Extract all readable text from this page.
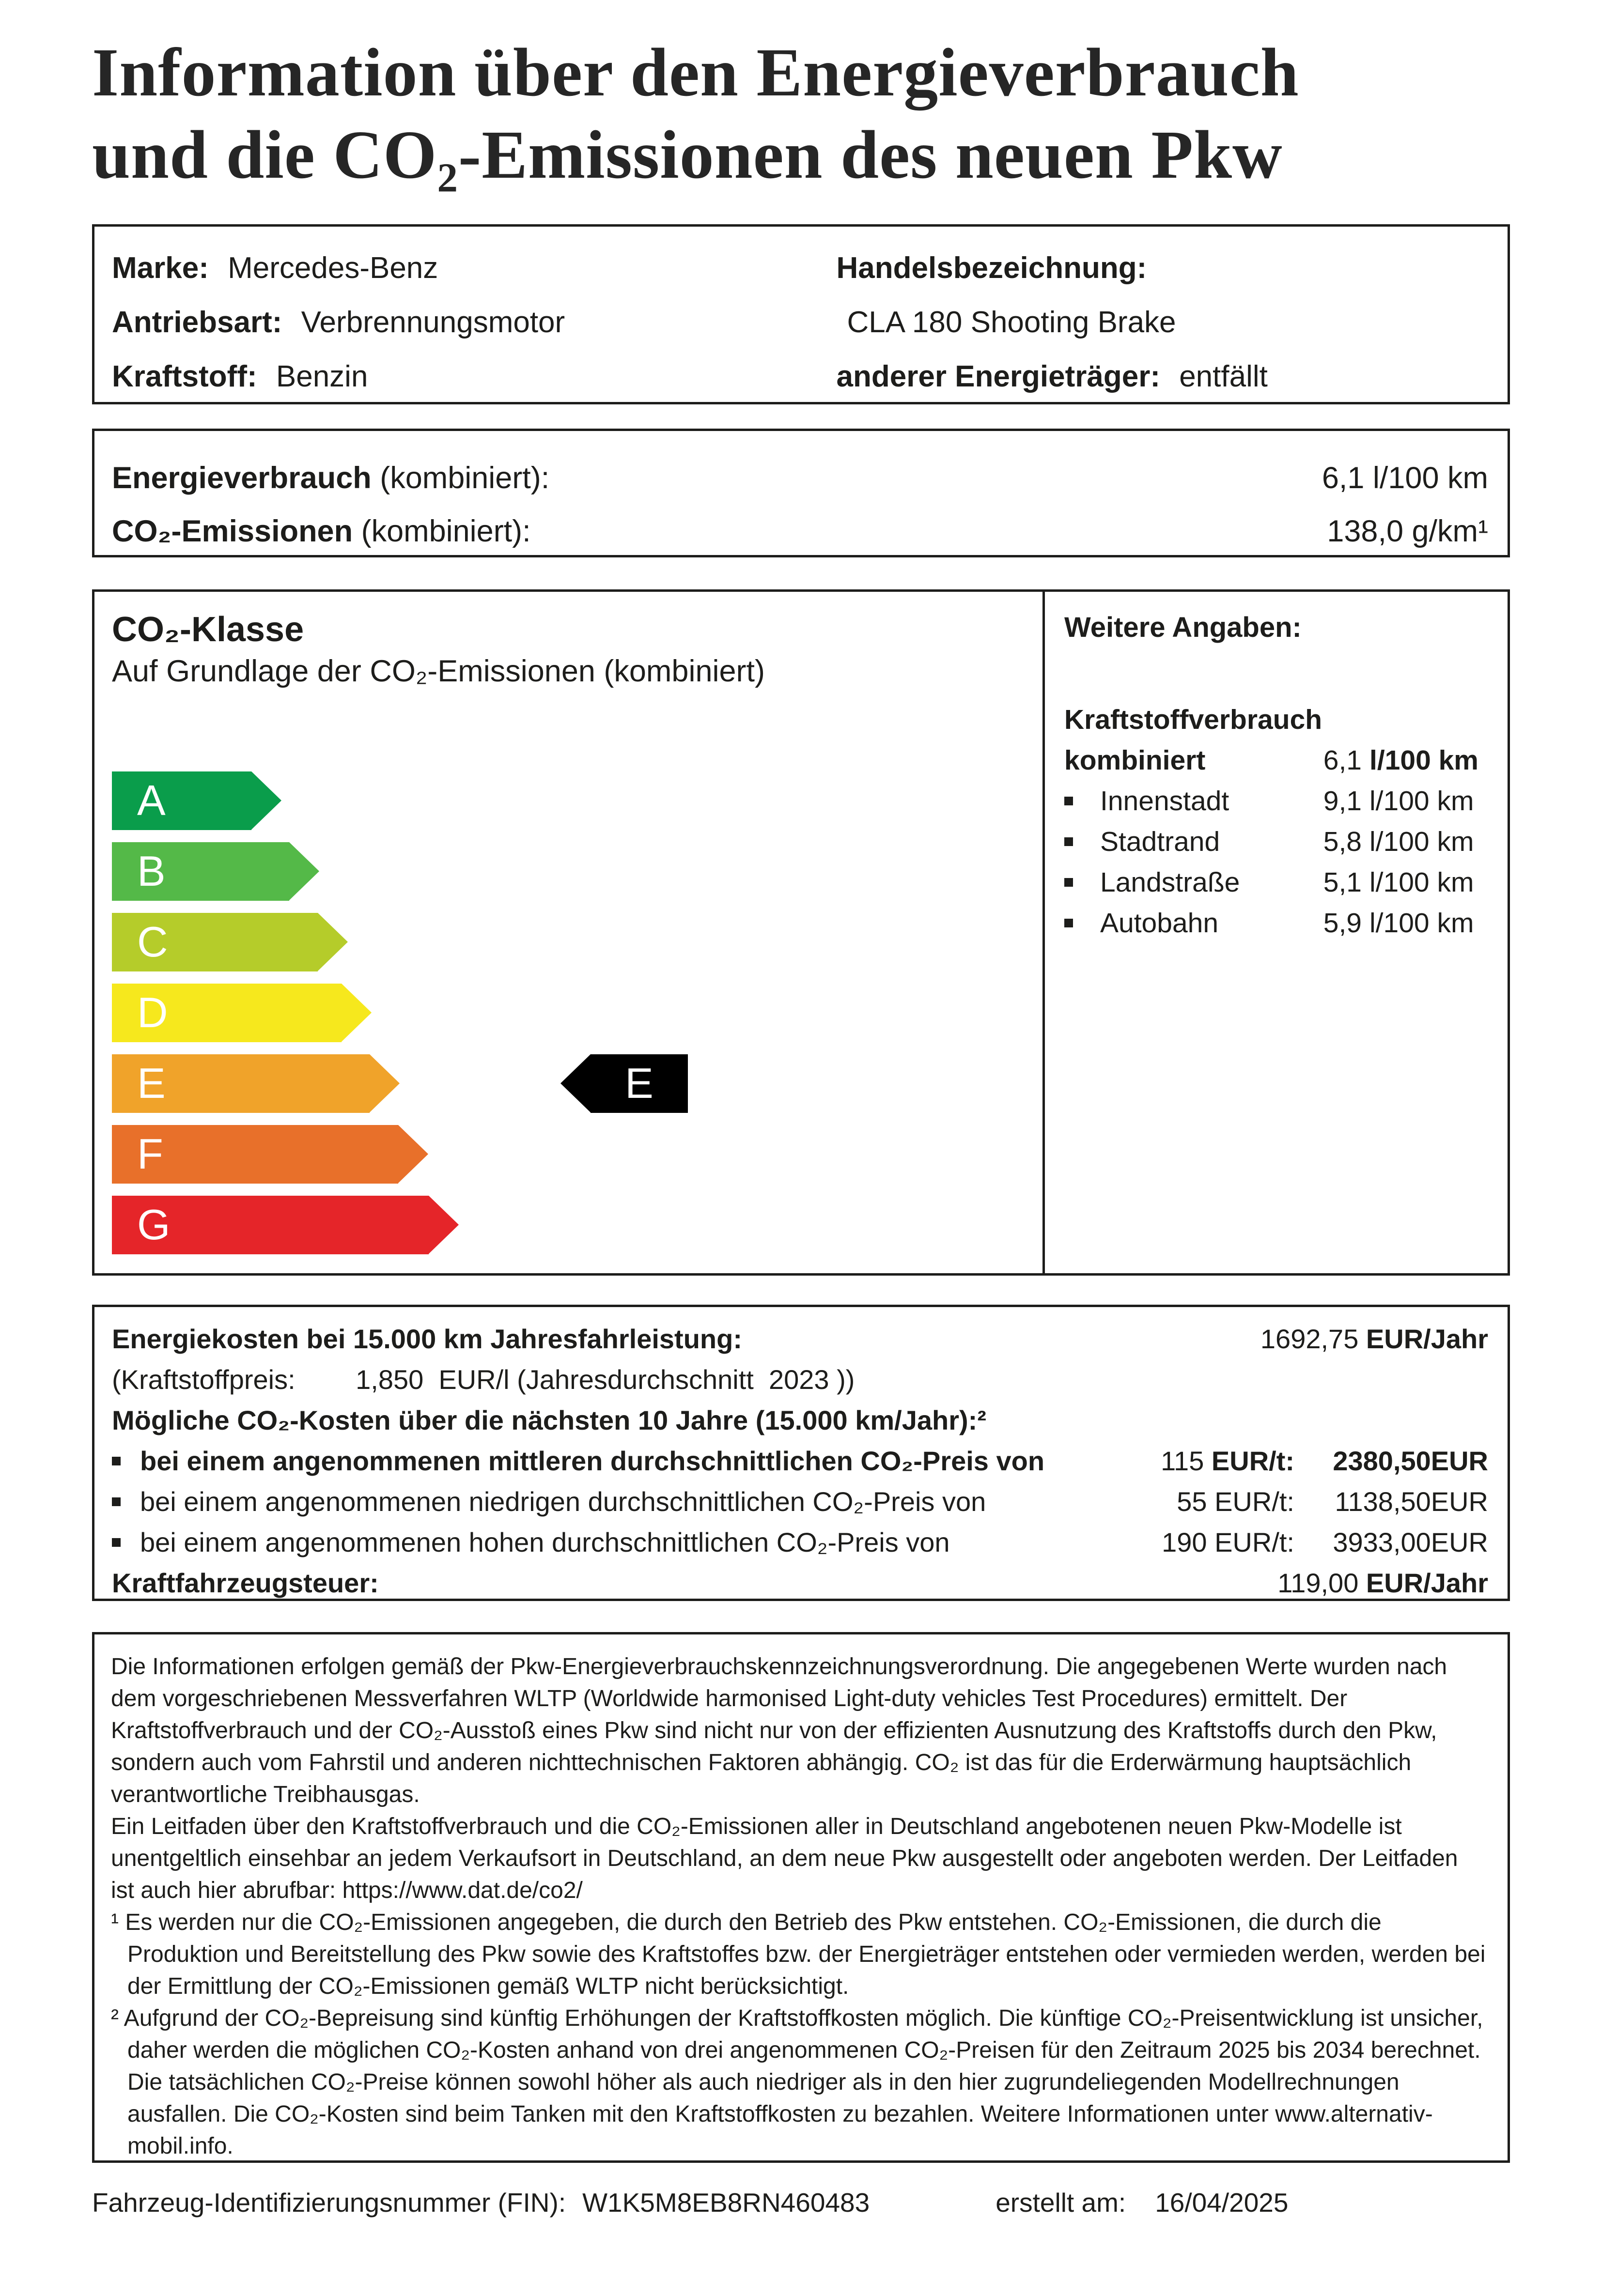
Information über den Energieverbrauch
und die CO₂-Emissionen des neuen Pkw
Marke: Mercedes-Benz
Antriebsart: Verbrennungsmotor
Kraftstoff: Benzin
Handelsbezeichnung:
CLA 180 Shooting Brake
anderer Energieträger: entfällt
Energieverbrauch (kombiniert):	6,1 l/100 km
CO₂-Emissionen (kombiniert):	138,0 g/km¹
CO₂-Klasse
Auf Grundlage der CO₂-Emissionen (kombiniert)
A
B
C
D
E
F
G
E
Weitere Angaben:
Kraftstoffverbrauch
kombiniert	6,1 l/100 km
Innenstadt	9,1 l/100 km
Stadtrand	5,8 l/100 km
Landstraße	5,1 l/100 km
Autobahn	5,9 l/100 km
Energiekosten bei 15.000 km Jahresfahrleistung:	1692,75 EUR/Jahr
(Kraftstoffpreis:        1,850  EUR/l (Jahresdurchschnitt  2023 ))
Mögliche CO₂-Kosten über die nächsten 10 Jahre (15.000 km/Jahr):²
bei einem angenommenen mittleren durchschnittlichen CO₂-Preis von	115 EUR/t:	2380,50EUR
bei einem angenommenen niedrigen durchschnittlichen CO₂-Preis von	55 EUR/t:	1138,50EUR
bei einem angenommenen hohen durchschnittlichen CO₂-Preis von	190 EUR/t:	3933,00EUR
Kraftfahrzeugsteuer:	119,00 EUR/Jahr

Die Informationen erfolgen gemäß der Pkw-Energieverbrauchskennzeichnungsverordnung. Die angegebenen Werte wurden nach dem vorgeschriebenen Messverfahren WLTP (Worldwide harmonised Light-duty vehicles Test Procedures) ermittelt. Der Kraftstoffverbrauch und der CO₂-Ausstoß eines Pkw sind nicht nur von der effizienten Ausnutzung des Kraftstoffs durch den Pkw, sondern auch vom Fahrstil und anderen nichttechnischen Faktoren abhängig. CO₂ ist das für die Erderwärmung hauptsächlich verantwortliche Treibhausgas.

Ein Leitfaden über den Kraftstoffverbrauch und die CO₂-Emissionen aller in Deutschland angebotenen neuen Pkw-Modelle ist unentgeltlich einsehbar an jedem Verkaufsort in Deutschland, an dem neue Pkw ausgestellt oder angeboten werden. Der Leitfaden ist auch hier abrufbar: https://www.dat.de/co2/

¹ Es werden nur die CO₂-Emissionen angegeben, die durch den Betrieb des Pkw entstehen. CO₂-Emissionen, die durch die Produktion und Bereitstellung des Pkw sowie des Kraftstoffes bzw. der Energieträger entstehen oder vermieden werden, werden bei der Ermittlung der CO₂-Emissionen gemäß WLTP nicht berücksichtigt.

² Aufgrund der CO₂-Bepreisung sind künftig Erhöhungen der Kraftstoffkosten möglich. Die künftige CO₂-Preisentwicklung ist unsicher, daher werden die möglichen CO₂-Kosten anhand von drei angenommenen CO₂-Preisen für den Zeitraum 2025 bis 2034 berechnet. Die tatsächlichen CO₂-Preise können sowohl höher als auch niedriger als in den hier zugrundeliegenden Modellrechnungen ausfallen. Die CO₂-Kosten sind beim Tanken mit den Kraftstoffkosten zu bezahlen. Weitere Informationen unter www.alternativ-mobil.info.

Fahrzeug-Identifizierungsnummer (FIN): W1K5M8EB8RN460483	erstellt am: 16/04/2025
